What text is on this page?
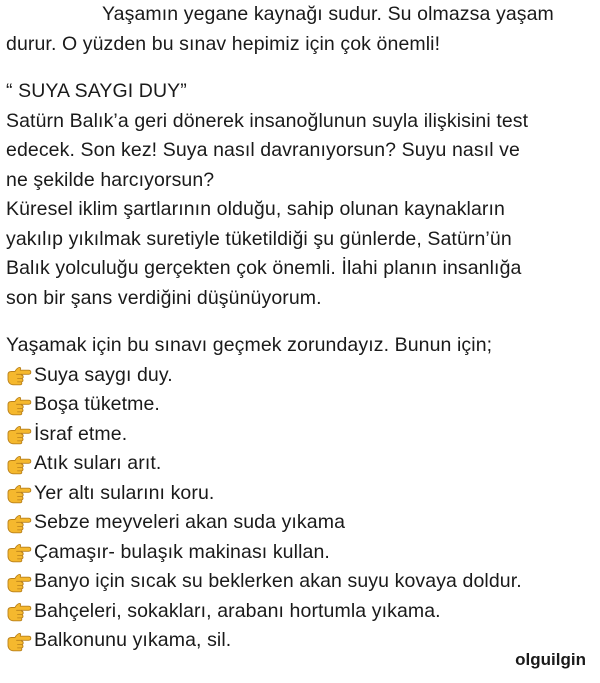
Yaşamın yegane kaynağı sudur. Su olmazsa yaşam
durur. O yüzden bu sınav hepimiz için çok önemli!
“ SUYA SAYGI DUY”
Satürn Balık’a geri dönerek insanoğlunun suyla ilişkisini test
edecek. Son kez! Suya nasıl davranıyorsun? Suyu nasıl ve
ne şekilde harcıyorsun?
Küresel iklim şartlarının olduğu, sahip olunan kaynakların
yakılıp yıkılmak suretiyle tüketildiği şu günlerde, Satürn’ün
Balık yolculuğu gerçekten çok önemli. İlahi planın insanlığa
son bir şans verdiğini düşünüyorum.
Yaşamak için bu sınavı geçmek zorundayız. Bunun için;
Suya saygı duy.
Boşa tüketme.
İsraf etme.
Atık suları arıt.
Yer altı sularını koru.
Sebze meyveleri akan suda yıkama
Çamaşır- bulaşık makinası kullan.
Banyo için sıcak su beklerken akan suyu kovaya doldur.
Bahçeleri, sokakları, arabanı hortumla yıkama.
Balkonunu yıkama, sil.
olguilgin
